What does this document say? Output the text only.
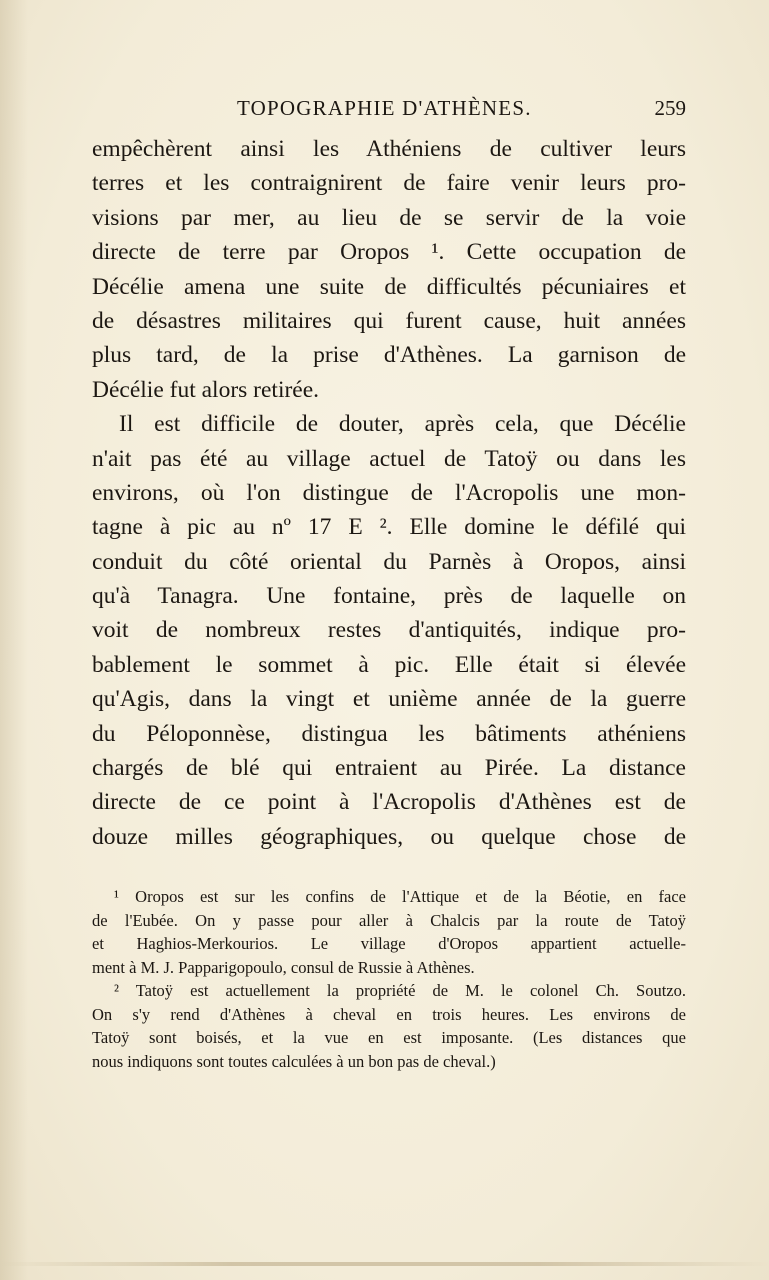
TOPOGRAPHIE D'ATHÈNES.	259
empêchèrent ainsi les Athéniens de cultiver leurs
terres et les contraignirent de faire venir leurs pro-
visions par mer, au lieu de se servir de la voie
directe de terre par Oropos ¹. Cette occupation de
Décélie amena une suite de difficultés pécuniaires et
de désastres militaires qui furent cause, huit années
plus tard, de la prise d'Athènes. La garnison de
Décélie fut alors retirée.
Il est difficile de douter, après cela, que Décélie
n'ait pas été au village actuel de Tatoÿ ou dans les
environs, où l'on distingue de l'Acropolis une mon-
tagne à pic au nº 17 E ². Elle domine le défilé qui
conduit du côté oriental du Parnès à Oropos, ainsi
qu'à Tanagra. Une fontaine, près de laquelle on
voit de nombreux restes d'antiquités, indique pro-
bablement le sommet à pic. Elle était si élevée
qu'Agis, dans la vingt et unième année de la guerre
du Péloponnèse, distingua les bâtiments athéniens
chargés de blé qui entraient au Pirée. La distance
directe de ce point à l'Acropolis d'Athènes est de
douze milles géographiques, ou quelque chose de
¹ Oropos est sur les confins de l'Attique et de la Béotie, en face
de l'Eubée. On y passe pour aller à Chalcis par la route de Tatoÿ
et Haghios-Merkourios. Le village d'Oropos appartient actuelle-
ment à M. J. Papparigopoulo, consul de Russie à Athènes.
² Tatoÿ est actuellement la propriété de M. le colonel Ch. Soutzo.
On s'y rend d'Athènes à cheval en trois heures. Les environs de
Tatoÿ sont boisés, et la vue en est imposante. (Les distances que
nous indiquons sont toutes calculées à un bon pas de cheval.)
